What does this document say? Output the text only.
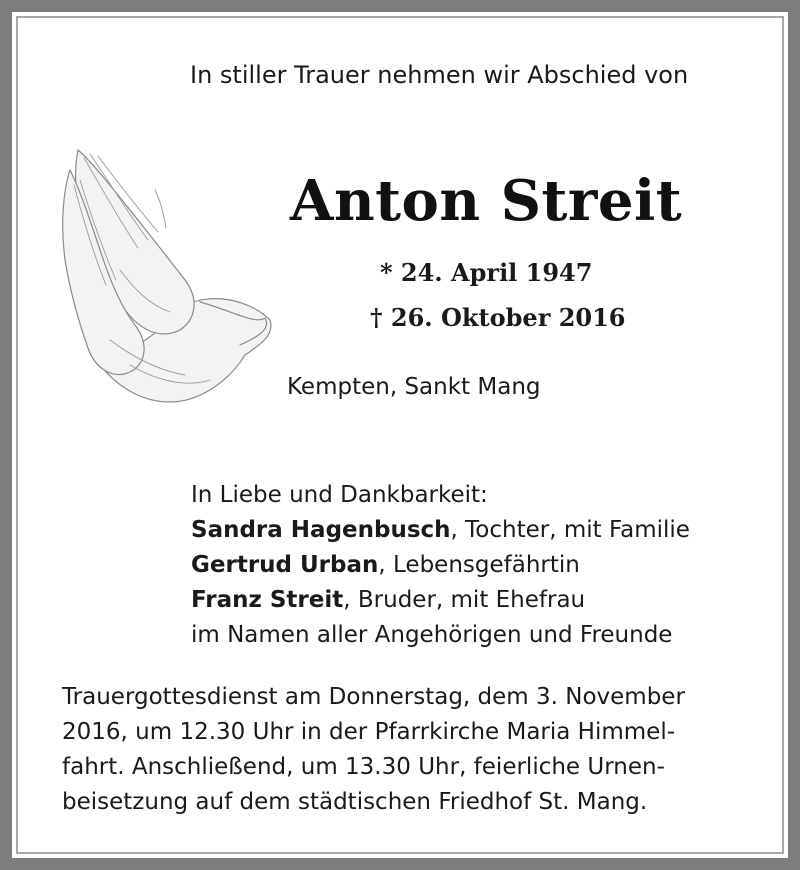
In stiller Trauer nehmen wir Abschied von
Anton Streit
* 24. April 1947
† 26. Oktober 2016
Kempten, Sankt Mang
In Liebe und Dankbarkeit:
Sandra Hagenbusch, Tochter, mit Familie
Gertrud Urban, Lebensgefährtin
Franz Streit, Bruder, mit Ehefrau
im Namen aller Angehörigen und Freunde
Trauergottesdienst am Donnerstag, dem 3. November
2016, um 12.30 Uhr in der Pfarrkirche Maria Himmel-
fahrt. Anschließend, um 13.30 Uhr, feierliche Urnen-
beisetzung auf dem städtischen Friedhof St. Mang.
